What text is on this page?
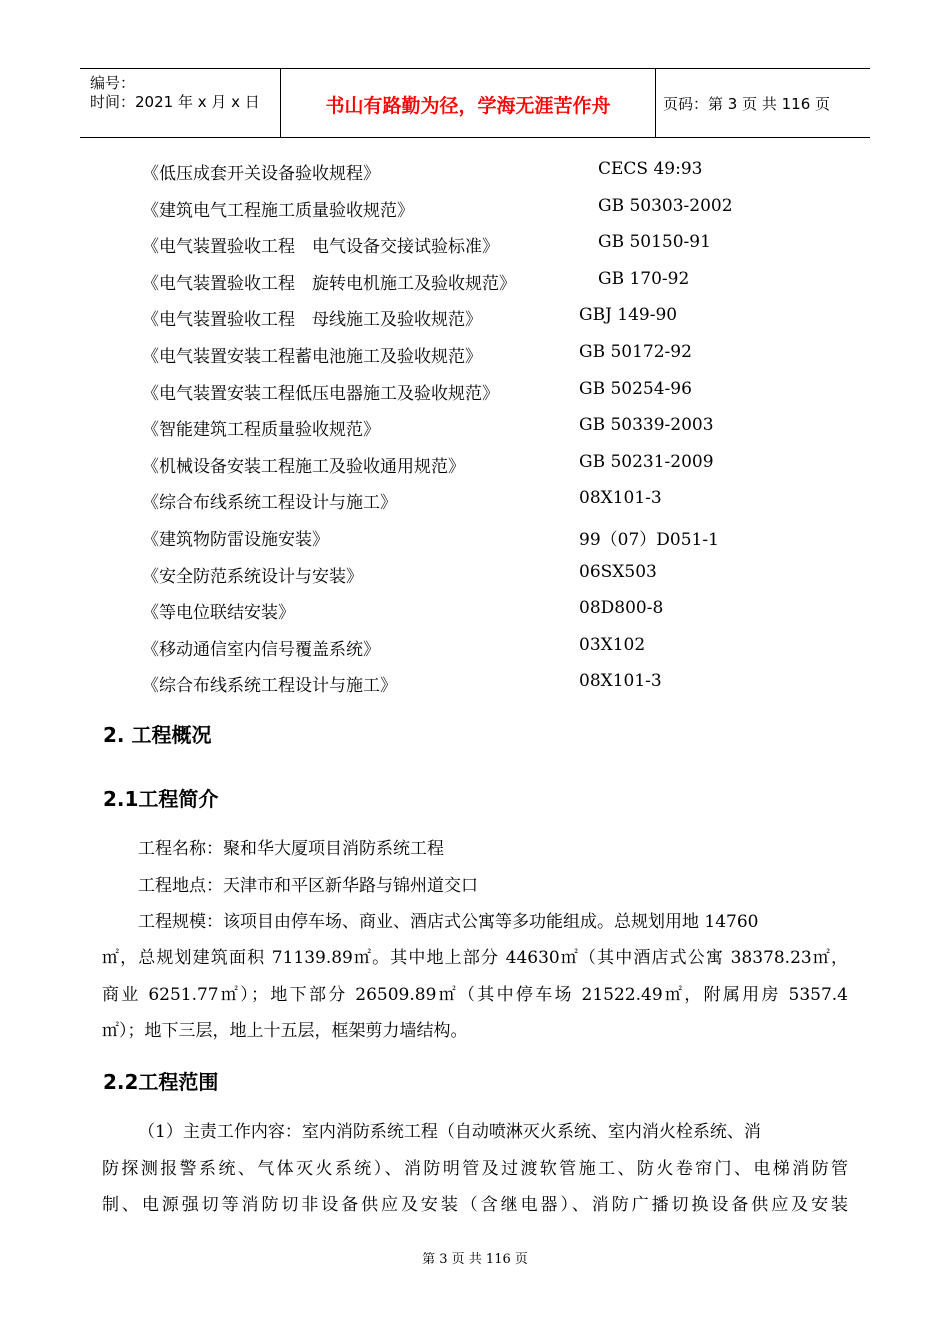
编号：
时间：2021 年 x 月 x 日	书山有路勤为径，学海无涯苦作舟	页码：第 3 页 共 116 页
《低压成套开关设备验收规程》	CECS 49:93
《建筑电气工程施工质量验收规范》	GB 50303-2002
《电气装置验收工程　电气设备交接试验标准》	GB 50150-91
《电气装置验收工程　旋转电机施工及验收规范》	GB 170-92
《电气装置验收工程　母线施工及验收规范》	GBJ 149-90
《电气装置安装工程蓄电池施工及验收规范》	GB 50172-92
《电气装置安装工程低压电器施工及验收规范》	GB 50254-96
《智能建筑工程质量验收规范》	GB 50339-2003
《机械设备安装工程施工及验收通用规范》	GB 50231-2009
《综合布线系统工程设计与施工》	08X101-3
《建筑物防雷设施安装》	99（07）D051-1
《安全防范系统设计与安装》	06SX503
《等电位联结安装》	08D800-8
《移动通信室内信号覆盖系统》	03X102
《综合布线系统工程设计与施工》	08X101-3
2. 工程概况
2.1工程简介
工程名称：聚和华大厦项目消防系统工程
工程地点：天津市和平区新华路与锦州道交口
工程规模：该项目由停车场、商业、酒店式公寓等多功能组成。总规划用地 14760
㎡，总规划建筑面积 71139.89㎡。其中地上部分 44630㎡（其中酒店式公寓 38378.23㎡，
商业 6251.77㎡）；地下部分 26509.89㎡（其中停车场 21522.49㎡，附属用房 5357.4
㎡）；地下三层，地上十五层，框架剪力墙结构。
2.2工程范围
（1）主责工作内容：室内消防系统工程（自动喷淋灭火系统、室内消火栓系统、消
防探测报警系统、气体灭火系统）、消防明管及过渡软管施工、防火卷帘门、电梯消防管
制、电源强切等消防切非设备供应及安装（含继电器）、消防广播切换设备供应及安装
第 3 页 共 116 页
